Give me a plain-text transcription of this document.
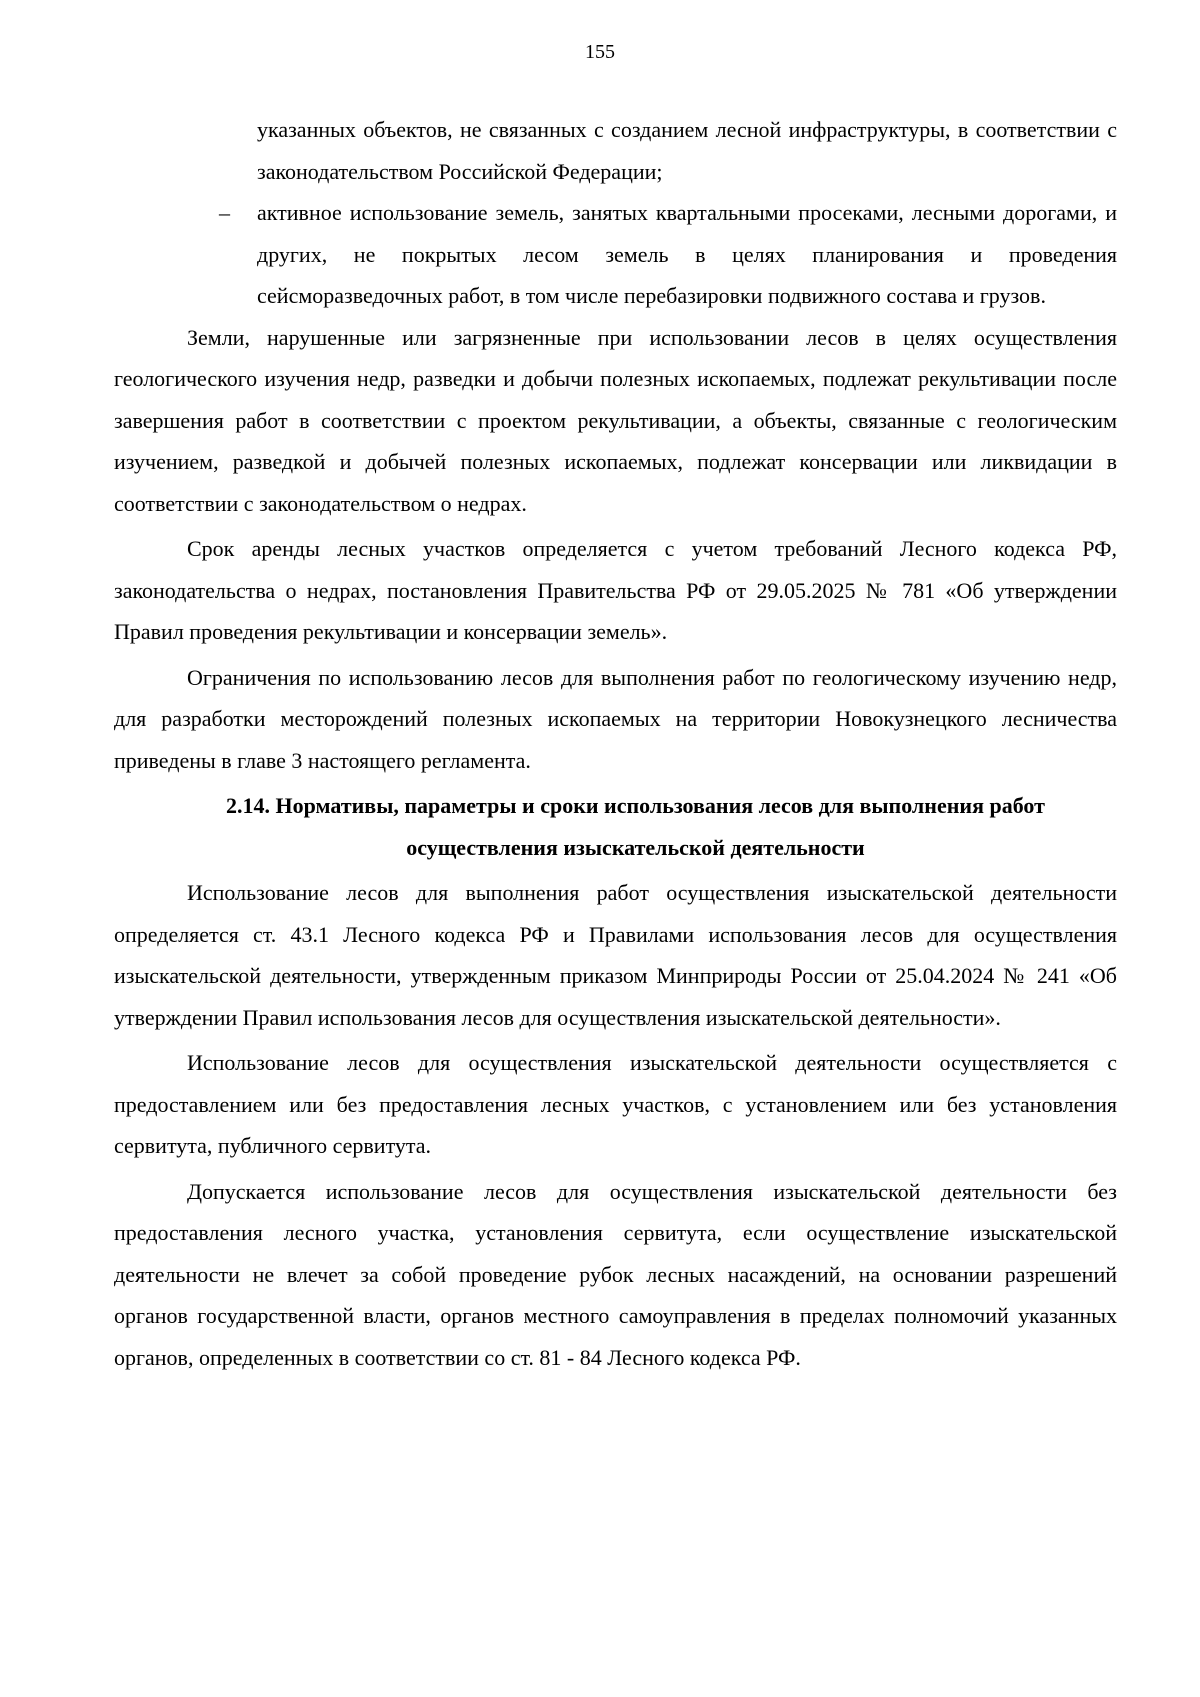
155
указанных объектов, не связанных с созданием лесной инфраструктуры, в соответствии с законодательством Российской Федерации;
– активное использование земель, занятых квартальными просеками, лесными дорогами, и других, не покрытых лесом земель в целях планирования и проведения сейсморазведочных работ, в том числе перебазировки подвижного состава и грузов.

Земли, нарушенные или загрязненные при использовании лесов в целях осуществления геологического изучения недр, разведки и добычи полезных ископаемых, подлежат рекультивации после завершения работ в соответствии с проектом рекультивации, а объекты, связанные с геологическим изучением, разведкой и добычей полезных ископаемых, подлежат консервации или ликвидации в соответствии с законодательством о недрах.

Срок аренды лесных участков определяется с учетом требований Лесного кодекса РФ, законодательства о недрах, постановления Правительства РФ от 29.05.2025 № 781 «Об утверждении Правил проведения рекультивации и консервации земель».

Ограничения по использованию лесов для выполнения работ по геологическому изучению недр, для разработки месторождений полезных ископаемых на территории Новокузнецкого лесничества приведены в главе 3 настоящего регламента.

2.14. Нормативы, параметры и сроки использования лесов для выполнения работ
осуществления изыскательской деятельности

Использование лесов для выполнения работ осуществления изыскательской деятельности определяется ст. 43.1 Лесного кодекса РФ и Правилами использования лесов для осуществления изыскательской деятельности, утвержденным приказом Минприроды России от 25.04.2024 № 241 «Об утверждении Правил использования лесов для осуществления изыскательской деятельности».

Использование лесов для осуществления изыскательской деятельности осуществляется с предоставлением или без предоставления лесных участков, с установлением или без установления сервитута, публичного сервитута.

Допускается использование лесов для осуществления изыскательской деятельности без предоставления лесного участка, установления сервитута, если осуществление изыскательской деятельности не влечет за собой проведение рубок лесных насаждений, на основании разрешений органов государственной власти, органов местного самоуправления в пределах полномочий указанных органов, определенных в соответствии со ст. 81 - 84 Лесного кодекса РФ.
